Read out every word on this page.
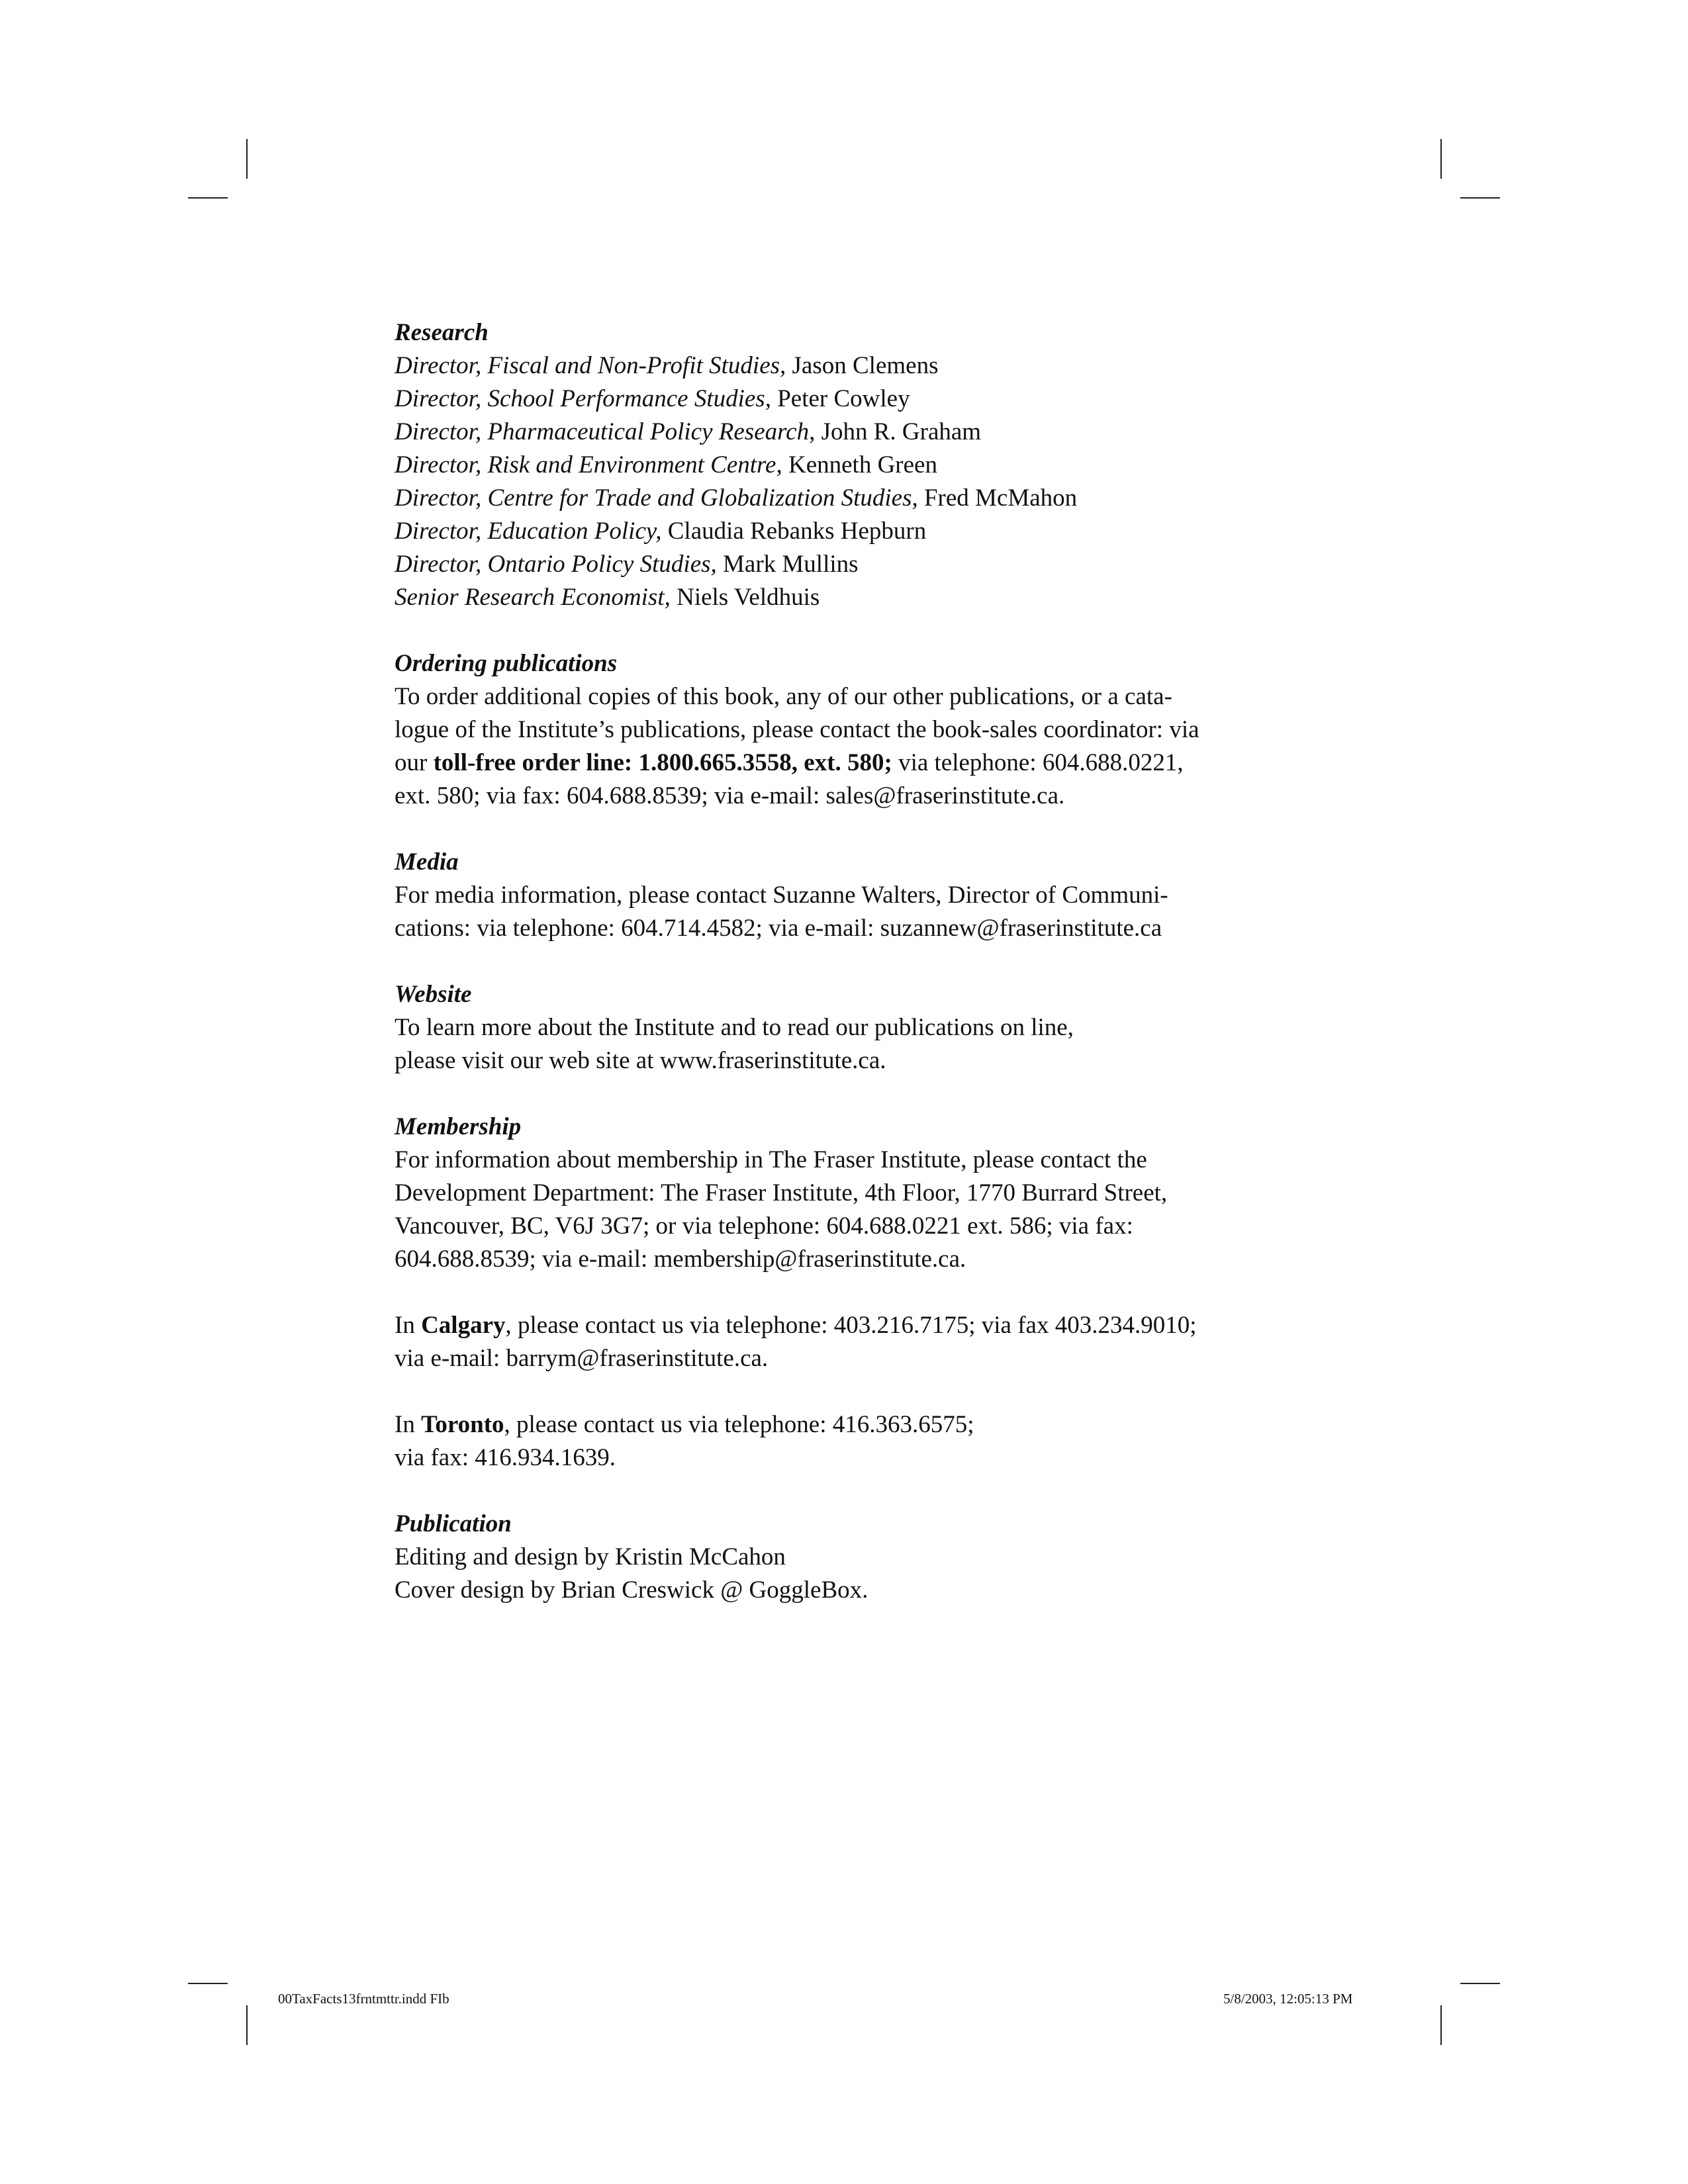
Research
Director, Fiscal and Non-Profit Studies, Jason Clemens
Director, School Performance Studies, Peter Cowley
Director, Pharmaceutical Policy Research, John R. Graham
Director, Risk and Environment Centre, Kenneth Green
Director, Centre for Trade and Globalization Studies, Fred McMahon
Director, Education Policy, Claudia Rebanks Hepburn
Director, Ontario Policy Studies, Mark Mullins
Senior Research Economist, Niels Veldhuis
Ordering publications
To order additional copies of this book, any of our other publications, or a cata-
logue of the Institute’s publications, please contact the book-sales coordinator: via
our toll-free order line: 1.800.665.3558, ext. 580; via telephone: 604.688.0221,
ext. 580; via fax: 604.688.8539; via e-mail: sales@fraserinstitute.ca.
Media
For media information, please contact Suzanne Walters, Director of Communi-
cations: via telephone: 604.714.4582; via e-mail: suzannew@fraserinstitute.ca
Website
To learn more about the Institute and to read our publications on line,
please visit our web site at www.fraserinstitute.ca.
Membership
For information about membership in The Fraser Institute, please contact the
Development Department: The Fraser Institute, 4th Floor, 1770 Burrard Street,
Vancouver, BC, V6J 3G7; or via telephone: 604.688.0221 ext. 586; via fax:
604.688.8539; via e-mail: membership@fraserinstitute.ca.
In Calgary, please contact us via telephone: 403.216.7175; via fax 403.234.9010;
via e-mail: barrym@fraserinstitute.ca.
In Toronto, please contact us via telephone: 416.363.6575;
via fax: 416.934.1639.
Publication
Editing and design by Kristin McCahon
Cover design by Brian Creswick @ GoggleBox.
00TaxFacts13frntmttr.indd FIb	5/8/2003, 12:05:13 PM
